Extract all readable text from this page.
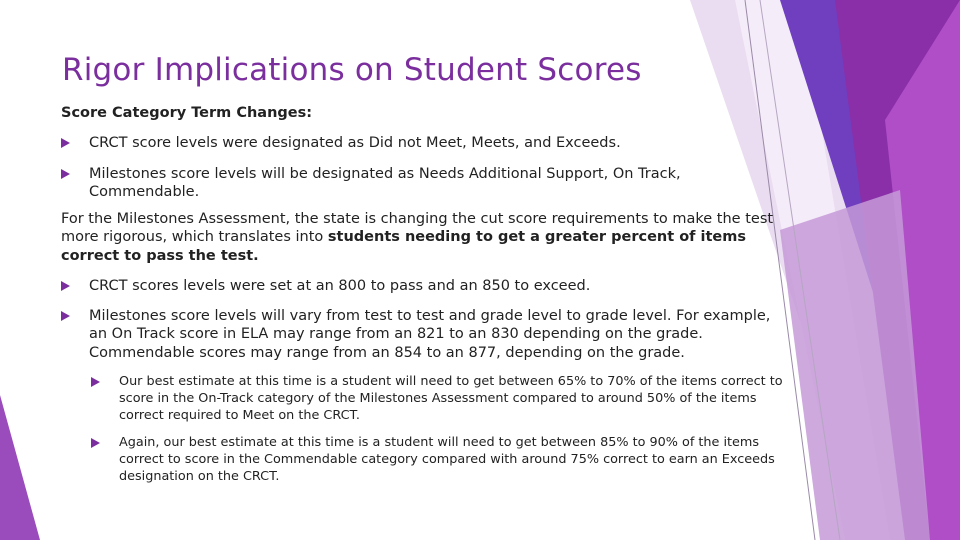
Rigor Implications on Student Scores

Score Category Term Changes:

CRCT score levels were designated as Did not Meet, Meets, and Exceeds.
Milestones score levels will be designated as Needs Additional Support, On Track, Commendable.

For the Milestones Assessment, the state is changing the cut score requirements to make the test more rigorous, which translates into students needing to get a greater percent of items correct to pass the test.

CRCT scores levels were set at an 800 to pass and an 850 to exceed.
Milestones score levels will vary from test to test and grade level to grade level. For example, an On Track score in ELA may range from an 821 to an 830 depending on the grade. Commendable scores may range from an 854 to an 877, depending on the grade.
Our best estimate at this time is a student will need to get between 65% to 70% of the items correct to score in the On-Track category of the Milestones Assessment compared to around 50% of the items correct required to Meet on the CRCT.
Again, our best estimate at this time is a student will need to get between 85% to 90% of the items correct to score in the Commendable category compared with around 75% correct to earn an Exceeds designation on the CRCT.
